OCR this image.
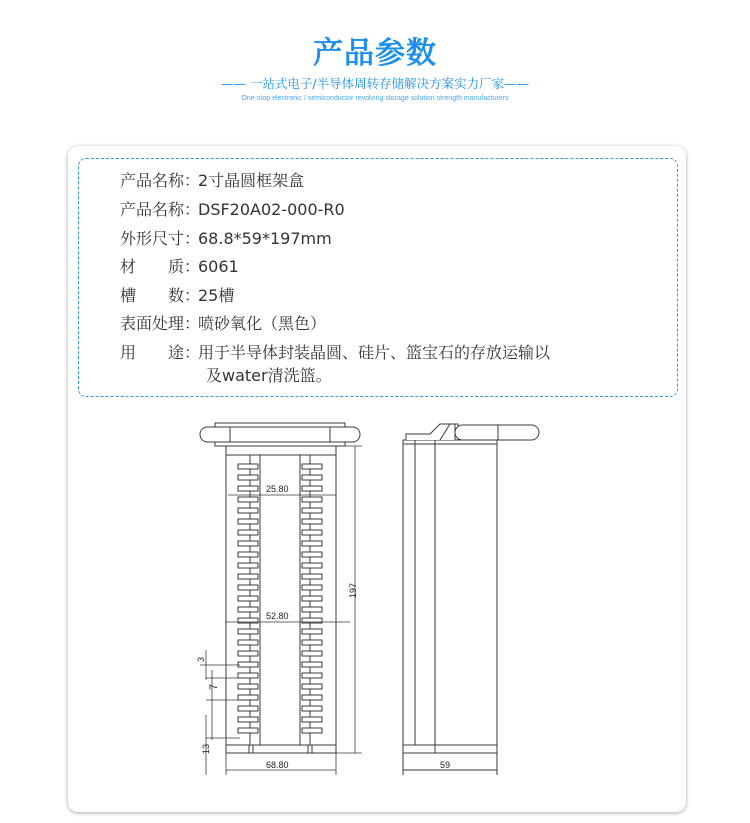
产品参数
—— 一站式电子/半导体周转存储解决方案实力厂家——
One-stop electronic / semiconductor revolving storage solution strength manufacturers
产品名称：2寸晶圆框架盒
产品名称：DSF20A02-000-R0
外形尺寸：68.8*59*197mm
材　　质：6061
槽　　数：25槽
表面处理：喷砂氧化（黑色）
用　　途：用于半导体封装晶圆、硅片、篮宝石的存放运输以
及water清洗篮。
25.80
52.80
68.80
197
3
7
13
59
